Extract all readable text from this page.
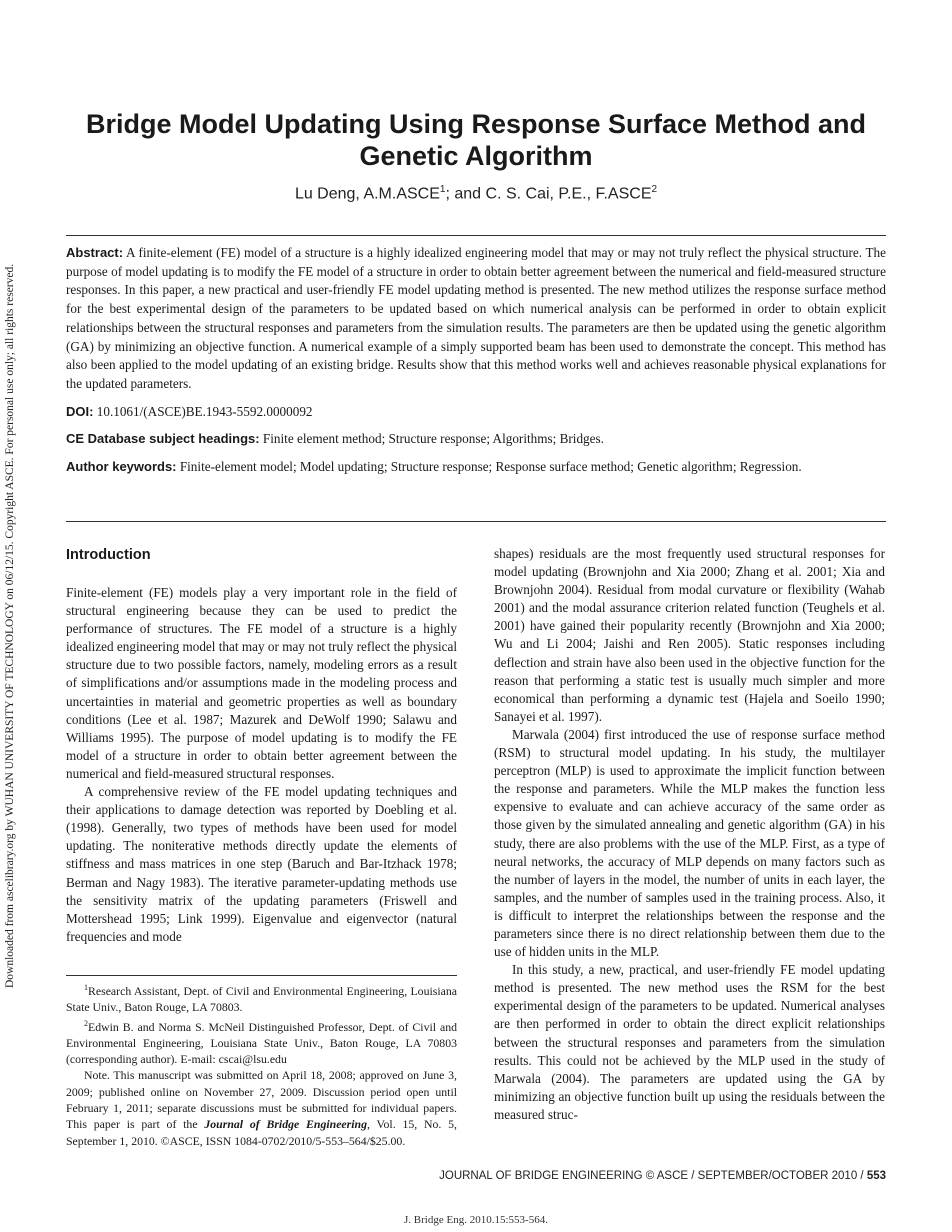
Downloaded from ascelibrary.org by WUHAN UNIVERSITY OF TECHNOLOGY on 06/12/15. Copyright ASCE. For personal use only; all rights reserved.
Bridge Model Updating Using Response Surface Method and Genetic Algorithm
Lu Deng, A.M.ASCE$^1$; and C. S. Cai, P.E., F.ASCE$^2$

Abstract: A finite-element (FE) model of a structure is a highly idealized engineering model that may or may not truly reflect the physical structure. The purpose of model updating is to modify the FE model of a structure in order to obtain better agreement between the numerical and field-measured structure responses. In this paper, a new practical and user-friendly FE model updating method is presented. The new method utilizes the response surface method for the best experimental design of the parameters to be updated based on which numerical analysis can be performed in order to obtain explicit relationships between the structural responses and parameters from the simulation results. The parameters are then be updated using the genetic algorithm (GA) by minimizing an objective function. A numerical example of a simply supported beam has been used to demonstrate the concept. This method has also been applied to the model updating of an existing bridge. Results show that this method works well and achieves reasonable physical explanations for the updated parameters.

DOI: 10.1061/(ASCE)BE.1943-5592.0000092

CE Database subject headings: Finite element method; Structure response; Algorithms; Bridges.

Author keywords: Finite-element model; Model updating; Structure response; Response surface method; Genetic algorithm; Regression.

Introduction

Finite-element (FE) models play a very important role in the field of structural engineering because they can be used to predict the performance of structures. The FE model of a structure is a highly idealized engineering model that may or may not truly reflect the physical structure due to two possible factors, namely, modeling errors as a result of simplifications and/or assumptions made in the modeling process and uncertainties in material and geometric properties as well as boundary conditions (Lee et al. 1987; Mazurek and DeWolf 1990; Salawu and Williams 1995). The purpose of model updating is to modify the FE model of a structure in order to obtain better agreement between the numerical and field-measured structural responses.

A comprehensive review of the FE model updating techniques and their applications to damage detection was reported by Doebling et al. (1998). Generally, two types of methods have been used for model updating. The noniterative methods directly update the elements of stiffness and mass matrices in one step (Baruch and Bar-Itzhack 1978; Berman and Nagy 1983). The iterative parameter-updating methods use the sensitivity matrix of the updating parameters (Friswell and Mottershead 1995; Link 1999). Eigenvalue and eigenvector (natural frequencies and mode

$^1$Research Assistant, Dept. of Civil and Environmental Engineering, Louisiana State Univ., Baton Rouge, LA 70803.

$^2$Edwin B. and Norma S. McNeil Distinguished Professor, Dept. of Civil and Environmental Engineering, Louisiana State Univ., Baton Rouge, LA 70803 (corresponding author). E-mail: cscai@lsu.edu

Note. This manuscript was submitted on April 18, 2008; approved on June 3, 2009; published online on November 27, 2009. Discussion period open until February 1, 2011; separate discussions must be submitted for individual papers. This paper is part of the Journal of Bridge Engineering, Vol. 15, No. 5, September 1, 2010. ©ASCE, ISSN 1084-0702/2010/5-553–564/$25.00.

shapes) residuals are the most frequently used structural responses for model updating (Brownjohn and Xia 2000; Zhang et al. 2001; Xia and Brownjohn 2004). Residual from modal curvature or flexibility (Wahab 2001) and the modal assurance criterion related function (Teughels et al. 2001) have gained their popularity recently (Brownjohn and Xia 2000; Wu and Li 2004; Jaishi and Ren 2005). Static responses including deflection and strain have also been used in the objective function for the reason that performing a static test is usually much simpler and more economical than performing a dynamic test (Hajela and Soeilo 1990; Sanayei et al. 1997).

Marwala (2004) first introduced the use of response surface method (RSM) to structural model updating. In his study, the multilayer perceptron (MLP) is used to approximate the implicit function between the response and parameters. While the MLP makes the function less expensive to evaluate and can achieve accuracy of the same order as those given by the simulated annealing and genetic algorithm (GA) in his study, there are also problems with the use of the MLP. First, as a type of neural networks, the accuracy of MLP depends on many factors such as the number of layers in the model, the number of units in each layer, the samples, and the number of samples used in the training process. Also, it is difficult to interpret the relationships between the response and the parameters since there is no direct relationship between them due to the use of hidden units in the MLP.

In this study, a new, practical, and user-friendly FE model updating method is presented. The new method uses the RSM for the best experimental design of the parameters to be updated. Numerical analyses are then performed in order to obtain the direct explicit relationships between the structural responses and parameters from the simulation results. This could not be achieved by the MLP used in the study of Marwala (2004). The parameters are updated using the GA by minimizing an objective function built up using the residuals between the measured struc-

JOURNAL OF BRIDGE ENGINEERING © ASCE / SEPTEMBER/OCTOBER 2010 / 553
J. Bridge Eng. 2010.15:553-564.
